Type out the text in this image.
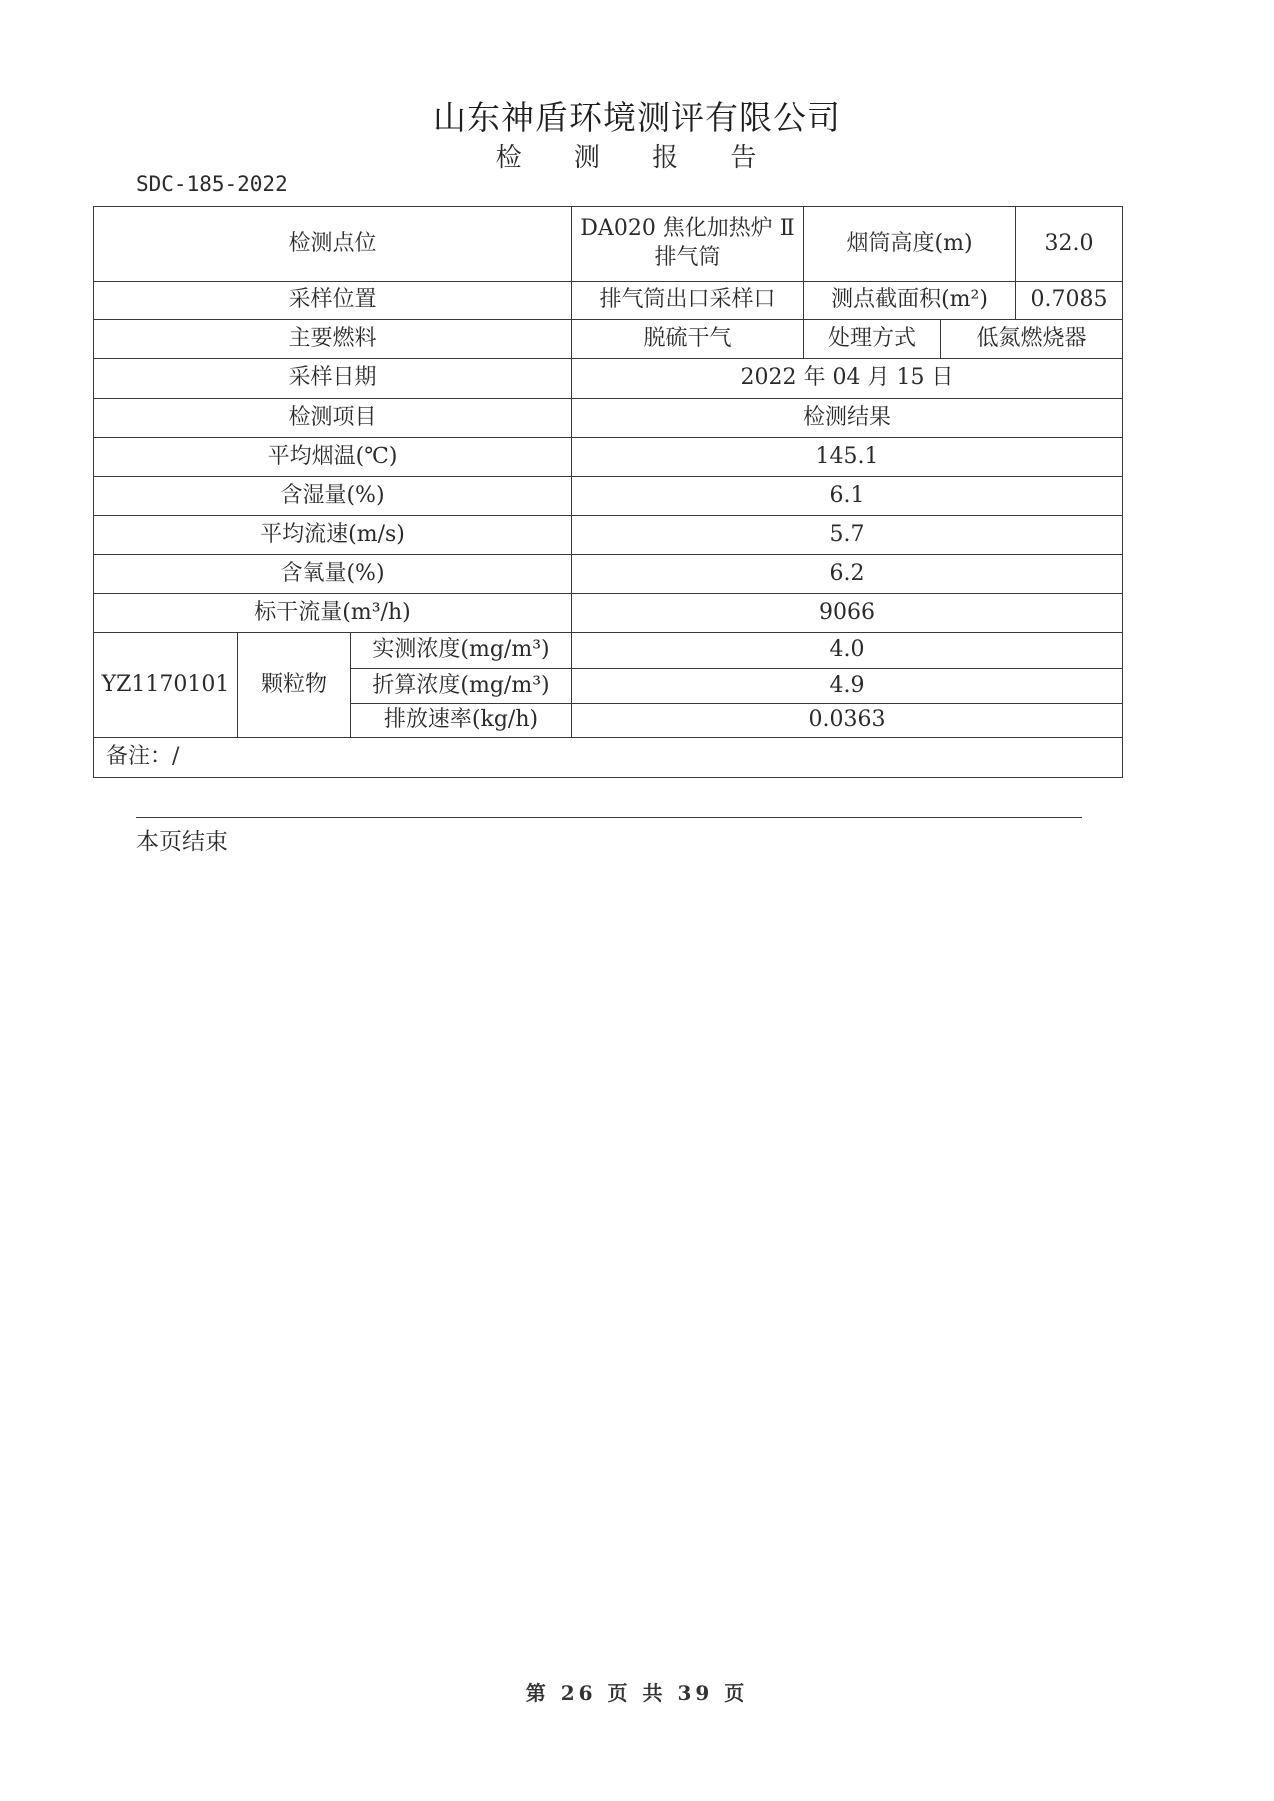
山东神盾环境测评有限公司
检 测 报 告
SDC-185-2022
检测点位			DA020 焦化加热炉 Ⅱ排气筒	烟筒高度(m)		32.0
采样位置			排气筒出口采样口	测点截面积(m²)		0.7085
主要燃料			脱硫干气	处理方式	低氮燃烧器	
采样日期			2022 年 04 月 15 日			
检测项目			检测结果			
平均烟温(℃)			145.1			
含湿量(%)			6.1			
平均流速(m/s)			5.7			
含氧量(%)			6.2			
标干流量(m³/h)			9066			
YZ1170101	颗粒物	实测浓度(mg/m³)	4.0			
		折算浓度(mg/m³)	4.9			
		排放速率(kg/h)	0.0363			
备注：/						
本页结束
第 26 页 共 39 页
